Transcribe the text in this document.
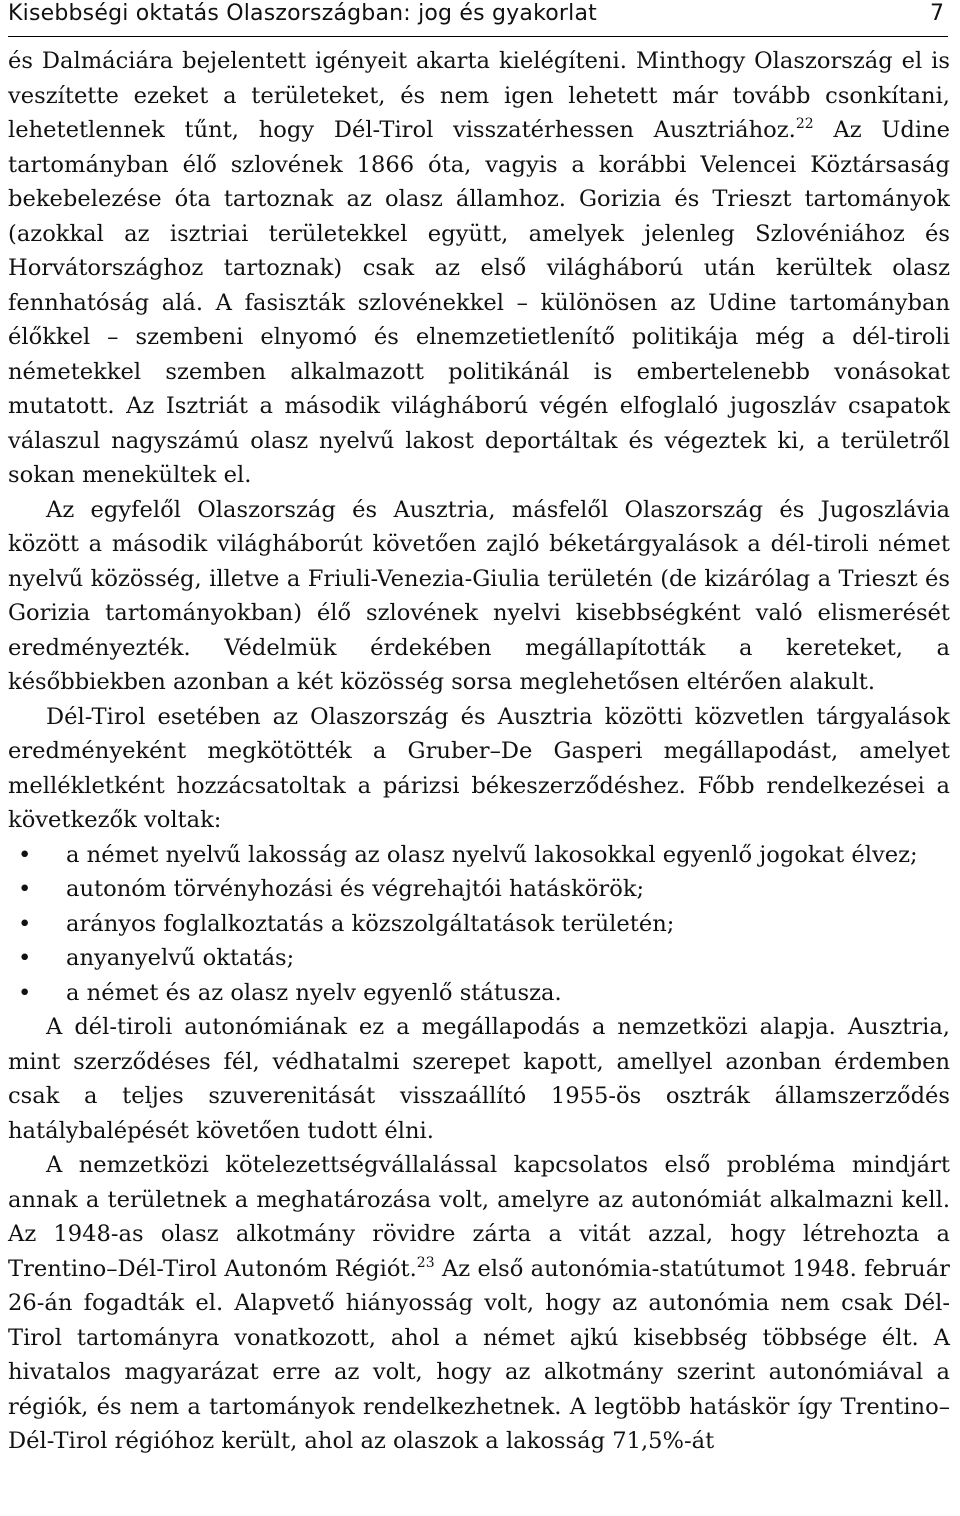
Kisebbségi oktatás Olaszországban: jog és gyakorlat	7

és Dalmáciára bejelentett igényeit akarta kielégíteni. Minthogy Olaszország el is veszítette ezeket a területeket, és nem igen lehetett már tovább csonkítani, lehetetlennek tűnt, hogy Dél-Tirol visszatérhessen Ausztriához.$^{22}$ Az Udine tartományban élő szlovének 1866 óta, vagyis a korábbi Velencei Köztársaság bekebelezése óta tartoznak az olasz államhoz. Gorizia és Trieszt tartományok (azokkal az isztriai területekkel együtt, amelyek jelenleg Szlovéniához és Horvátországhoz tartoznak) csak az első világháború után kerültek olasz fennhatóság alá. A fasiszták szlovénekkel – különösen az Udine tartományban élőkkel – szembeni elnyomó és elnemzetietlenítő politikája még a dél-tiroli németekkel szemben alkalmazott politikánál is embertelenebb vonásokat mutatott. Az Isztriát a második világháború végén elfoglaló jugoszláv csapatok válaszul nagyszámú olasz nyelvű lakost deportáltak és végeztek ki, a területről sokan menekültek el.

Az egyfelől Olaszország és Ausztria, másfelől Olaszország és Jugoszlávia között a második világháborút követően zajló béketárgyalások a dél-tiroli német nyelvű közösség, illetve a Friuli-Venezia-Giulia területén (de kizárólag a Trieszt és Gorizia tartományokban) élő szlovének nyelvi kisebbségként való elismerését eredményezték. Védelmük érdekében megállapították a kereteket, a későbbiekben azonban a két közösség sorsa meglehetősen eltérően alakult.

Dél-Tirol esetében az Olaszország és Ausztria közötti közvetlen tárgyalások eredményeként megkötötték a Gruber–De Gasperi megállapodást, amelyet mellékletként hozzácsatoltak a párizsi békeszerződéshez. Főbb rendelkezései a következők voltak:

• a német nyelvű lakosság az olasz nyelvű lakosokkal egyenlő jogokat élvez;
• autonóm törvényhozási és végrehajtói hatáskörök;
• arányos foglalkoztatás a közszolgáltatások területén;
• anyanyelvű oktatás;
• a német és az olasz nyelv egyenlő státusza.

A dél-tiroli autonómiának ez a megállapodás a nemzetközi alapja. Ausztria, mint szerződéses fél, védhatalmi szerepet kapott, amellyel azonban érdemben csak a teljes szuverenitását visszaállító 1955-ös osztrák államszerződés hatálybalépését követően tudott élni.

A nemzetközi kötelezettségvállalással kapcsolatos első probléma mindjárt annak a területnek a meghatározása volt, amelyre az autonómiát alkalmazni kell. Az 1948-as olasz alkotmány rövidre zárta a vitát azzal, hogy létrehozta a Trentino–Dél-Tirol Autonóm Régiót.$^{23}$ Az első autonómia-statútumot 1948. február 26-án fogadták el. Alapvető hiányosság volt, hogy az autonómia nem csak Dél-Tirol tartományra vonatkozott, ahol a német ajkú kisebbség többsége élt. A hivatalos magyarázat erre az volt, hogy az alkotmány szerint autonómiával a régiók, és nem a tartományok rendelkezhetnek. A legtöbb hatáskör így Trentino–Dél-Tirol régióhoz került, ahol az olaszok a lakosság 71,5%-át
